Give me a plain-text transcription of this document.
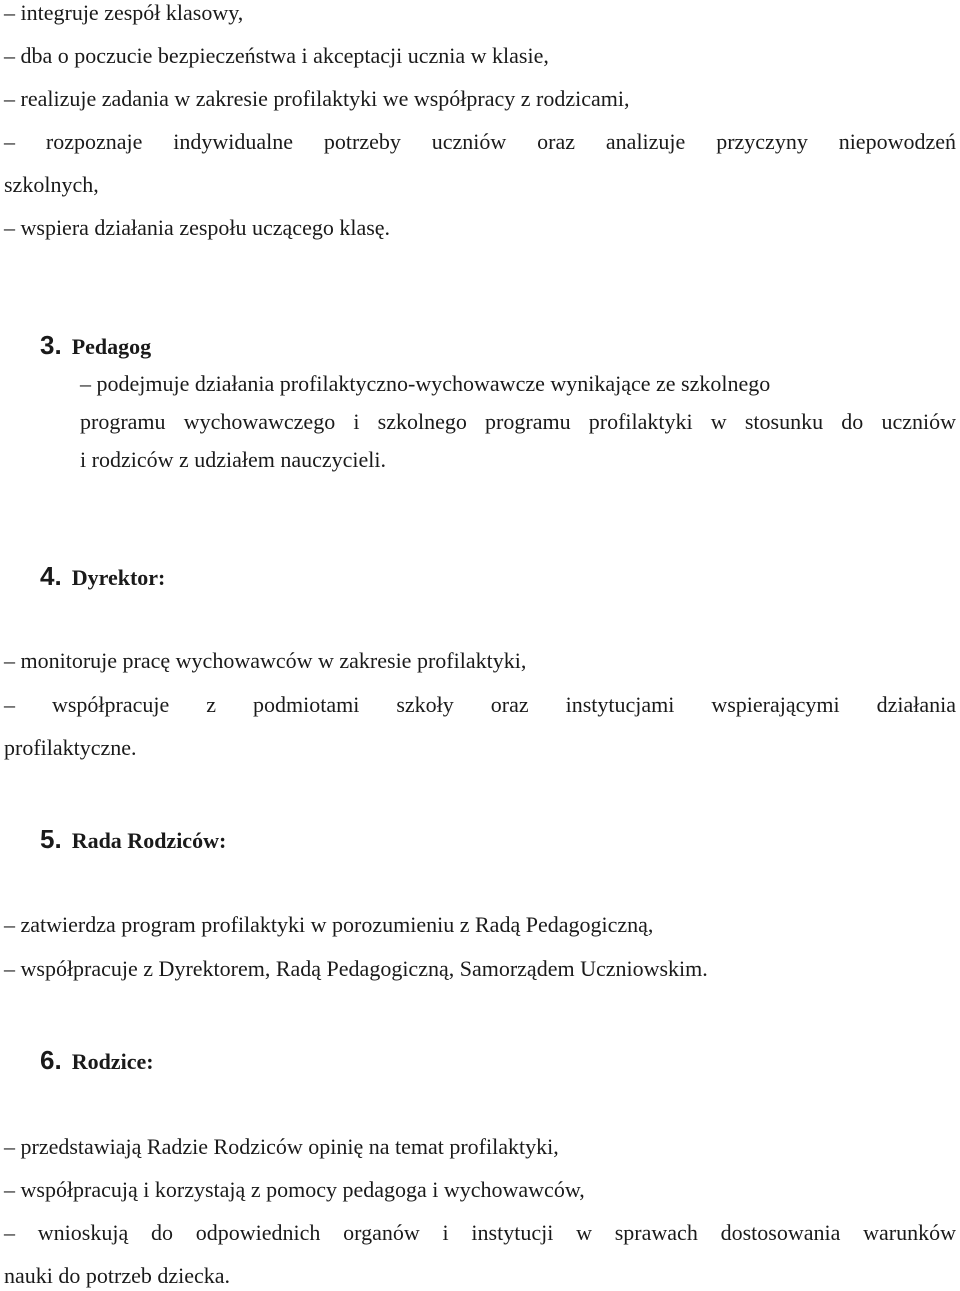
– integruje zespół klasowy,

– dba o poczucie bezpieczeństwa i akceptacji ucznia w klasie,

– realizuje zadania w zakresie profilaktyki we współpracy z rodzicami,

– rozpoznaje indywidualne potrzeby uczniów oraz analizuje przyczyny niepowodzeń

szkolnych,

– wspiera działania zespołu uczącego klasę.

3. Pedagog

– podejmuje działania profilaktyczno-wychowawcze wynikające ze szkolnego

programu wychowawczego i szkolnego programu profilaktyki w stosunku do uczniów

i rodziców z udziałem nauczycieli.

4. Dyrektor:

– monitoruje pracę wychowawców w zakresie profilaktyki,

– współpracuje z podmiotami szkoły oraz instytucjami wspierającymi działania

profilaktyczne.

5. Rada Rodziców:

– zatwierdza program profilaktyki w porozumieniu z Radą Pedagogiczną,

– współpracuje z Dyrektorem, Radą Pedagogiczną, Samorządem Uczniowskim.

6. Rodzice:

– przedstawiają Radzie Rodziców opinię na temat profilaktyki,

– współpracują i korzystają z pomocy pedagoga i wychowawców,

– wnioskują do odpowiednich organów i instytucji w sprawach dostosowania warunków

nauki do potrzeb dziecka.
